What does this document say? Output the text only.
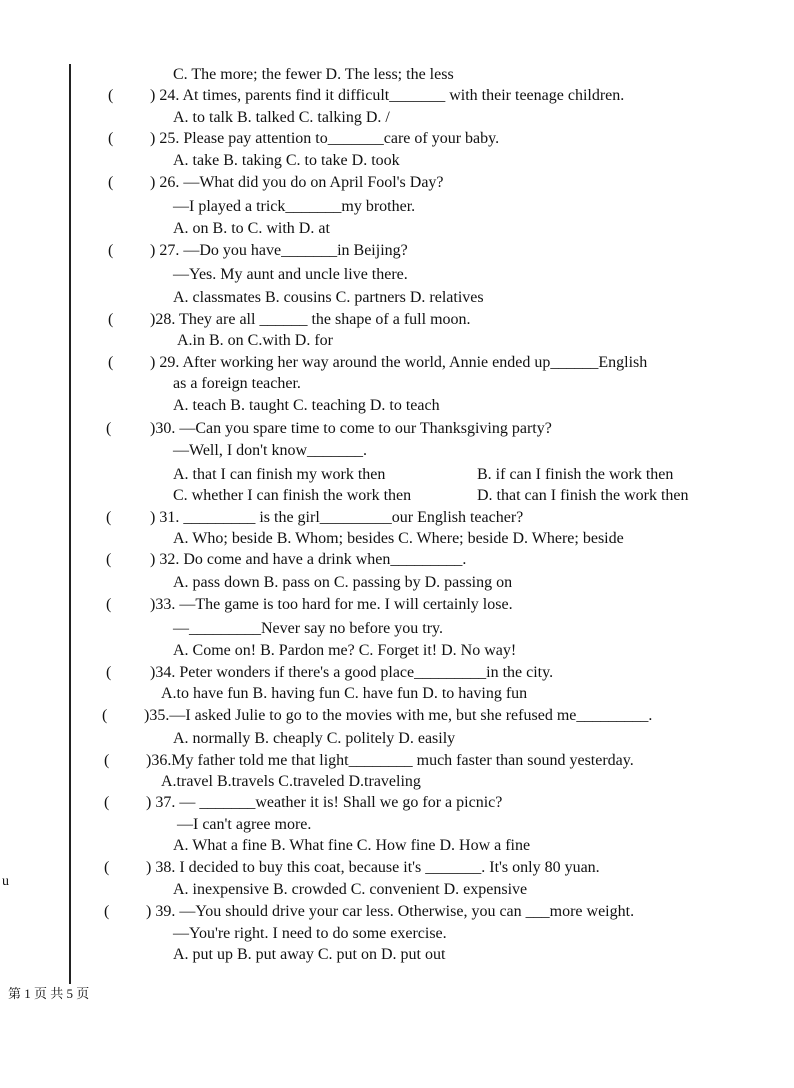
(
(
(
(
(
(
(
(
(
(
(
(
(
(
(
(
C. The more; the fewer D. The less; the less
) 24. At times, parents find it difficult_______ with their teenage children.
A. to talk B. talked C. talking D. /
) 25. Please pay attention to_______care of your baby.
A. take B. taking C. to take D. took
) 26. —What did you do on April Fool's Day?
—I played a trick_______my brother.
A. on B. to C. with D. at
) 27. —Do you have_______in Beijing?
—Yes. My aunt and uncle live there.
A. classmates B. cousins C. partners D. relatives
)28. They are all ______ the shape of a full moon.
A.in B. on C.with D. for
) 29. After working her way around the world, Annie ended up______English
as a foreign teacher.
A. teach B. taught C. teaching D. to teach
)30. —Can you spare time to come to our Thanksgiving party?
—Well, I don't know_______.
A. that I can finish my work then	B. if can I finish the work then
C. whether I can finish the work then	D. that can I finish the work then
) 31. _________ is the girl_________our English teacher?
A. Who; beside B. Whom; besides C. Where; beside D. Where; beside
) 32. Do come and have a drink when_________.
A. pass down B. pass on C. passing by D. passing on
)33. —The game is too hard for me. I will certainly lose.
—_________Never say no before you try.
A. Come on! B. Pardon me? C. Forget it! D. No way!
)34. Peter wonders if there's a good place_________in the city.
A.to have fun B. having fun C. have fun D. to having fun
)35.—I asked Julie to go to the movies with me, but she refused me_________.
A. normally B. cheaply C. politely D. easily
)36.My father told me that light________ much faster than sound yesterday.
A.travel B.travels C.traveled D.traveling
) 37. — _______weather it is! Shall we go for a picnic?
—I can't agree more.
A. What a fine B. What fine C. How fine D. How a fine
) 38. I decided to buy this coat, because it's _______. It's only 80 yuan.
A. inexpensive B. crowded C. convenient D. expensive
) 39. —You should drive your car less. Otherwise, you can ___more weight.
—You're right. I need to do some exercise.
A. put up B. put away C. put on D. put out
u
第 1 页 共 5 页
